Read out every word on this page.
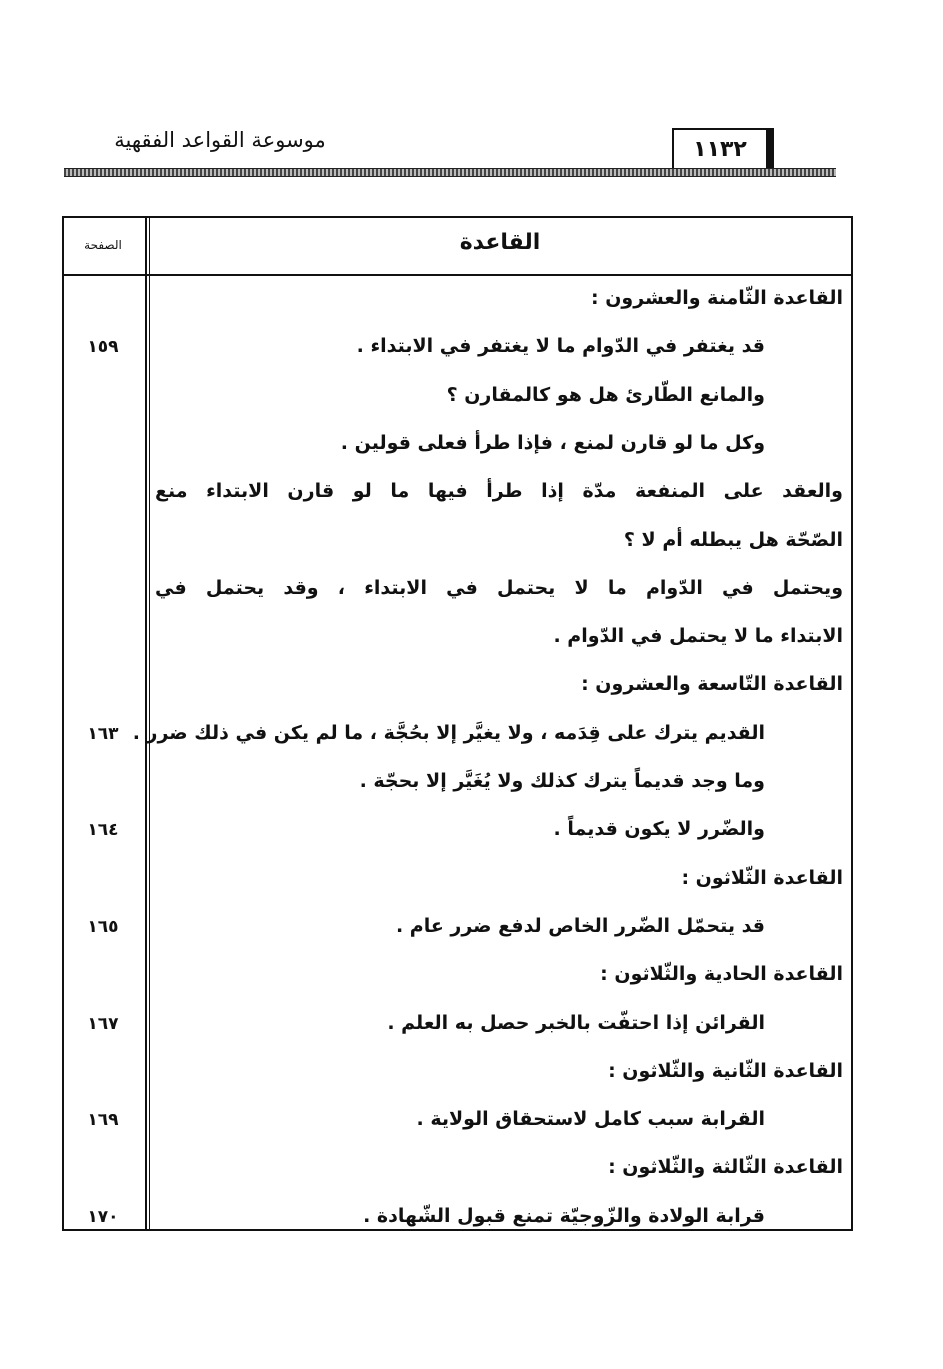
موسوعة القواعد الفقهية	١١٣٢
القاعدة
الصفحة
القاعدة الثّامنة والعشرون :
قد يغتفر في الدّوام ما لا يغتفر في الابتداء .
١٥٩
والمانع الطّارئ هل هو كالمقارن ؟
وكل ما لو قارن لمنع ، فإذا طرأ فعلى قولين .
والعقد على المنفعة مدّة إذا طرأ فيها ما لو قارن الابتداء منع
الصّحّة هل يبطله أم لا ؟
ويحتمل في الدّوام ما لا يحتمل في الابتداء ، وقد يحتمل في
الابتداء ما لا يحتمل في الدّوام .
القاعدة التّاسعة والعشرون :
القديم يترك على قِدَمه ، ولا يغيَّر إلا بحُجَّة ، ما لم يكن في ذلك ضرر .
١٦٣
وما وجد قديماً يترك كذلك ولا يُغَيَّر إلا بحجّة .
والضّرر لا يكون قديماً .
١٦٤
القاعدة الثّلاثون :
قد يتحمّل الضّرر الخاص لدفع ضرر عام .
١٦٥
القاعدة الحادية والثّلاثون :
القرائن إذا احتفّت بالخبر حصل به العلم .
١٦٧
القاعدة الثّانية والثّلاثون :
القرابة سبب كامل لاستحقاق الولاية .
١٦٩
القاعدة الثّالثة والثّلاثون :
قرابة الولادة والزّوجيّة تمنع قبول الشّهادة .
١٧٠
